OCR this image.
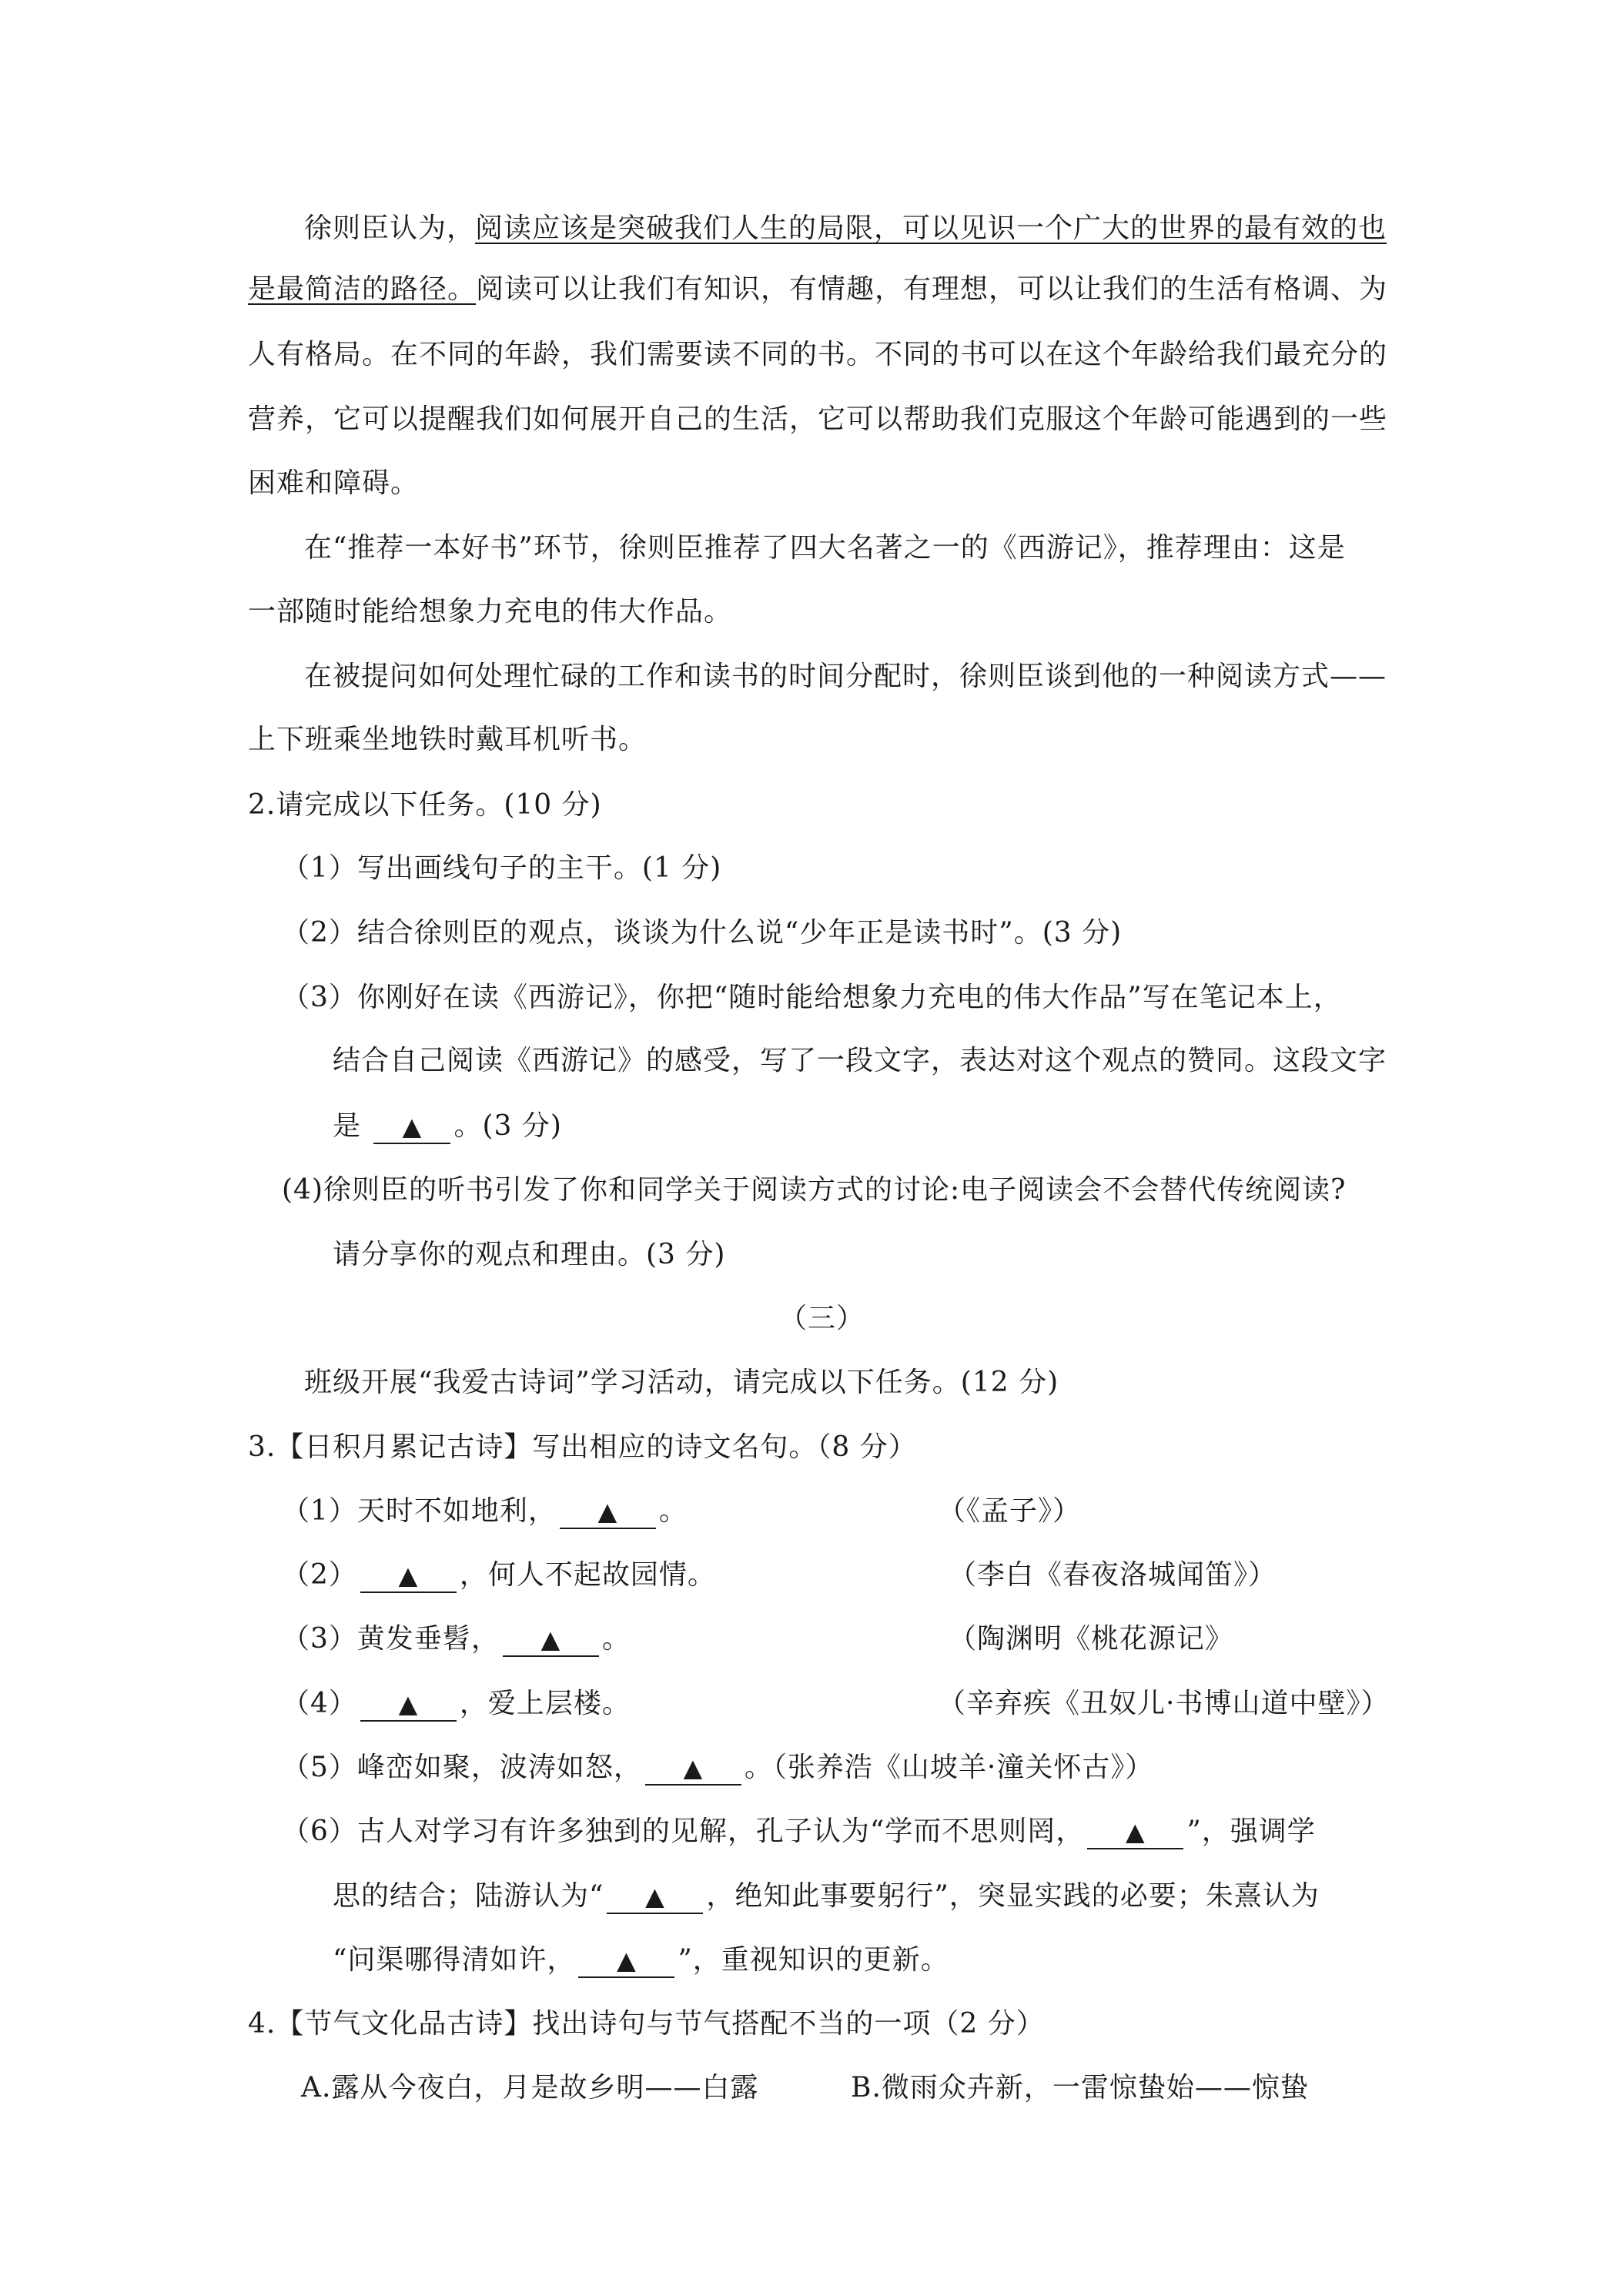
徐则臣认为，阅读应该是突破我们人生的局限，可以见识一个广大的世界的最有效的也
是最简洁的路径。阅读可以让我们有知识，有情趣，有理想，可以让我们的生活有格调、为
人有格局。在不同的年龄，我们需要读不同的书。不同的书可以在这个年龄给我们最充分的
营养，它可以提醒我们如何展开自己的生活，它可以帮助我们克服这个年龄可能遇到的一些
困难和障碍。
在“推荐一本好书”环节，徐则臣推荐了四大名著之一的《西游记》，推荐理由：这是
一部随时能给想象力充电的伟大作品。
在被提问如何处理忙碌的工作和读书的时间分配时，徐则臣谈到他的一种阅读方式——
上下班乘坐地铁时戴耳机听书。
2.请完成以下任务。(10 分)
（1）写出画线句子的主干。(1 分)
（2）结合徐则臣的观点，谈谈为什么说“少年正是读书时”。(3 分)
（3）你刚好在读《西游记》，你把“随时能给想象力充电的伟大作品”写在笔记本上，
结合自己阅读《西游记》的感受，写了一段文字，表达对这个观点的赞同。这段文字
是 ▲ 。(3 分)
(4)徐则臣的听书引发了你和同学关于阅读方式的讨论:电子阅读会不会替代传统阅读?
请分享你的观点和理由。(3 分)
（三）
班级开展“我爱古诗词”学习活动，请完成以下任务。(12 分)
3.【日积月累记古诗】写出相应的诗文名句。（8 分）
（1）天时不如地利， ▲ 。	（《孟子》）
（2） ▲ ，何人不起故园情。	（李白《春夜洛城闻笛》）
（3）黄发垂髫， ▲ 。	（陶渊明《桃花源记》
（4） ▲ ，爱上层楼。	（辛弃疾《丑奴儿·书博山道中壁》）
（5）峰峦如聚，波涛如怒， ▲ 。（张养浩《山坡羊·潼关怀古》）
（6）古人对学习有许多独到的见解，孔子认为“学而不思则罔， ▲ ”，强调学
思的结合；陆游认为“ ▲ ，绝知此事要躬行”，突显实践的必要；朱熹认为
“问渠哪得清如许， ▲ ”，重视知识的更新。
4.【节气文化品古诗】找出诗句与节气搭配不当的一项（2 分）
A.露从今夜白，月是故乡明——白露	B.微雨众卉新，一雷惊蛰始——惊蛰
